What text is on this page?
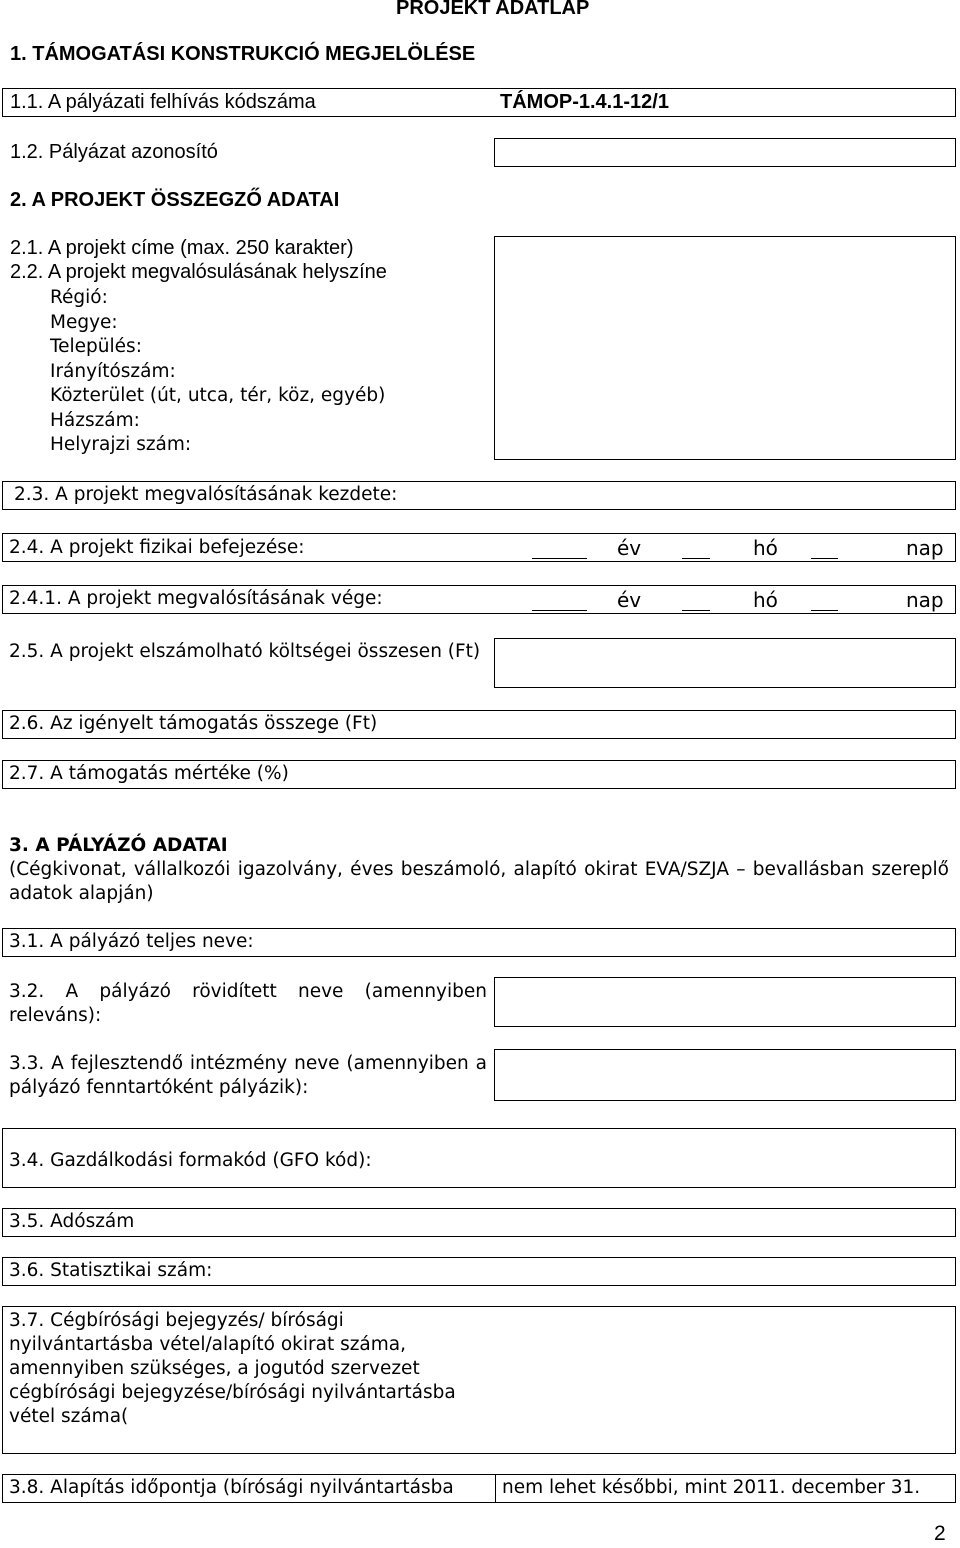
PROJEKT ADATLAP
1. TÁMOGATÁSI KONSTRUKCIÓ MEGJELÖLÉSE
1.1. A pályázati felhívás kódszáma	TÁMOP-1.4.1-12/1
1.2. Pályázat azonosító
2. A PROJEKT ÖSSZEGZŐ ADATAI
2.1. A projekt címe (max. 250 karakter)
2.2. A projekt megvalósulásának helyszíne
Régió:
Megye:
Település:
Irányítószám:
Közterület (út, utca, tér, köz, egyéb)
Házszám:
Helyrajzi szám:
2.3. A projekt megvalósításának kezdete:
2.4. A projekt fizikai befejezése:	év	hó	nap
2.4.1. A projekt megvalósításának vége:	év	hó	nap
2.5. A projekt elszámolható költségei összesen (Ft)
2.6. Az igényelt támogatás összege (Ft)
2.7. A támogatás mértéke (%)
3. A PÁLYÁZÓ ADATAI
(Cégkivonat, vállalkozói igazolvány, éves beszámoló, alapító okirat EVA/SZJA – bevallásban szereplő adatok alapján)
3.1. A pályázó teljes neve:
3.2. A pályázó rövidített neve (amennyiben releváns):
3.3. A fejlesztendő intézmény neve (amennyiben a pályázó fenntartóként pályázik):
3.4. Gazdálkodási formakód (GFO kód):
3.5. Adószám
3.6. Statisztikai szám:
3.7. Cégbírósági bejegyzés/ bírósági nyilvántartásba vétel/alapító okirat száma, amennyiben szükséges, a jogutód szervezet cégbírósági bejegyzése/bírósági nyilvántartásba vétel száma(
3.8. Alapítás időpontja (bírósági nyilvántartásba	nem lehet későbbi, mint 2011. december 31.
2
